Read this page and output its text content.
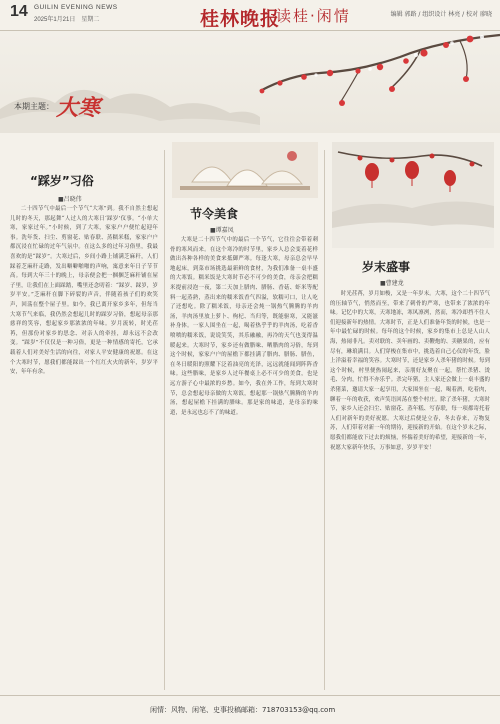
14 GUILIN EVENING NEWS
2025年1月21日　星期二	桂林晚报
读桂·闲情	编辑 郭路 / 组织设计 林亮 / 校对 廖晓
本期主题：大寒
“踩岁”习俗
■吕晓伟
二十四节气中最后一个节气“大寒”到。我不自然主想起儿时的冬天，那起舞“人过人的大寒日‘踩岁’仪事。“小单大寒，家家过年。”小时候，到了大寒，家家户户便忙起迎年事。洗年货、扫尘、剪窗花、贴春联、蒸糯米糕，家家户户都沉浸在忙碌的过年气氛中。在这么多的过年习俗里，我最喜欢的是“踩岁”。大寒过后，乡间小路上铺满芝麻秆，人们踩着芝麻秆走路，发出噼噼啪啪的声响，寓意来年日子节节高。每到大年三十的晚上，母亲便会把一捆捆芝麻秆铺在屋子里，让我们在上面踩踏，嘴里还念叨着：“踩岁、踩岁，岁岁平安。”芝麻秆在脚下碎裂的声音，伴随着孩子们的欢笑声，回荡在整个屋子里。如今，我已离开家乡多年，但每当大寒节气来临，我仍然会想起儿时的踩岁习俗，想起母亲那慈祥的笑容，想起家乡那浓浓的年味。岁月流转，时光荏苒，但那份对家乡的思念、对亲人的牵挂，却永远不会改变。“踩岁”不仅仅是一种习俗，更是一种情感的寄托，它承载着人们对美好生活的向往，对家人平安健康的祝愿。在这个大寒时节，愿我们都能踩出一个红红火火的新年，岁岁平安，年年有余。
节令美食
■谭嘉凤
大寒是二十四节气中的最后一个节气，它往往会带着刺骨的寒风而来。在这个寒冷的时节里，家乡人总会变着花样做出各种各样的美食来抵御严寒。每逢大寒，母亲总会早早地起床，到菜市场挑选最新鲜的食材，为我们准备一桌丰盛的大寒饭。糯米饭是大寒时节必不可少的美食，母亲会把糯米提前浸泡一夜，第二天加上腊肉、腊肠、香菇、虾米等配料一起蒸熟，蒸出来的糯米饭香气四溢，软糯可口，让人吃了还想吃。除了糯米饭，母亲还会炖一锅热气腾腾的羊肉汤，羊肉汤里放上萝卜、枸杞、当归等，既能驱寒，又能滋补身体。一家人围坐在一起，喝着热乎乎的羊肉汤，吃着香喷喷的糯米饭，说说笑笑，其乐融融，再冷的天气也变得温暖起来。大寒时节，家乡还有做腊味、晒腊肉的习俗，每到这个时候，家家户户的屋檐下都挂满了腊肉、腊肠、腊鱼，在冬日暖阳的照耀下泛着油亮的光泽，远远就能闻到阵阵香味。这些腊味，是家乡人过年餐桌上必不可少的美食，也是远方游子心中最浓的乡愁。如今，我在外工作，每到大寒时节，总会想起母亲做的大寒饭，想起那一锅热气腾腾的羊肉汤，想起屋檐下挂满的腊味。那是家的味道，是母亲的味道，是永远也忘不了的味道。
岁末盛事
■曹建龙
时光荏苒，岁月如梭，又是一年岁末。大寒，这个二十四节气的压轴节气，悄然而至，带来了刺骨的严寒，也带来了浓浓的年味。记忆中的大寒，天寒地冻，寒风凛冽，然而，寒冷却挡不住人们迎接新年的热情。大寒时节，正是人们准备年货的时候，也是一年中最忙碌的时候。每年的这个时候，家乡的集市上总是人山人海，热闹非凡。卖对联的、卖年画的、卖鞭炮的、卖糖果的，应有尽有，琳琅满目。人们穿梭在集市中，挑选着自己心仪的年货，脸上洋溢着幸福的笑容。大寒时节，还是家乡人杀年猪的时候。每到这个时候，村里便热闹起来，亲朋好友聚在一起，帮忙杀猪、烫毛、分肉，忙得不亦乐乎。杀完年猪，主人家还会做上一桌丰盛的杀猪菜，邀请大家一起享用，大家围坐在一起，喝着酒，吃着肉，聊着一年的收获，欢声笑语回荡在整个村庄。除了杀年猪，大寒时节，家乡人还会扫尘、贴窗花、蒸年糕、写春联，每一项都寄托着人们对新年的美好祝愿。大寒过后便是立春，冬去春来，万物复苏，人们带着对新一年的期待，迎接新的开始。在这个岁末之际，愿我们都能放下过去的烦恼，怀揣着美好的希望，迎接新的一年，祝愿大家新年快乐，万事如意，岁岁平安！
闲情：风物、闲笔、史事投稿邮箱：718703153@qq.com
